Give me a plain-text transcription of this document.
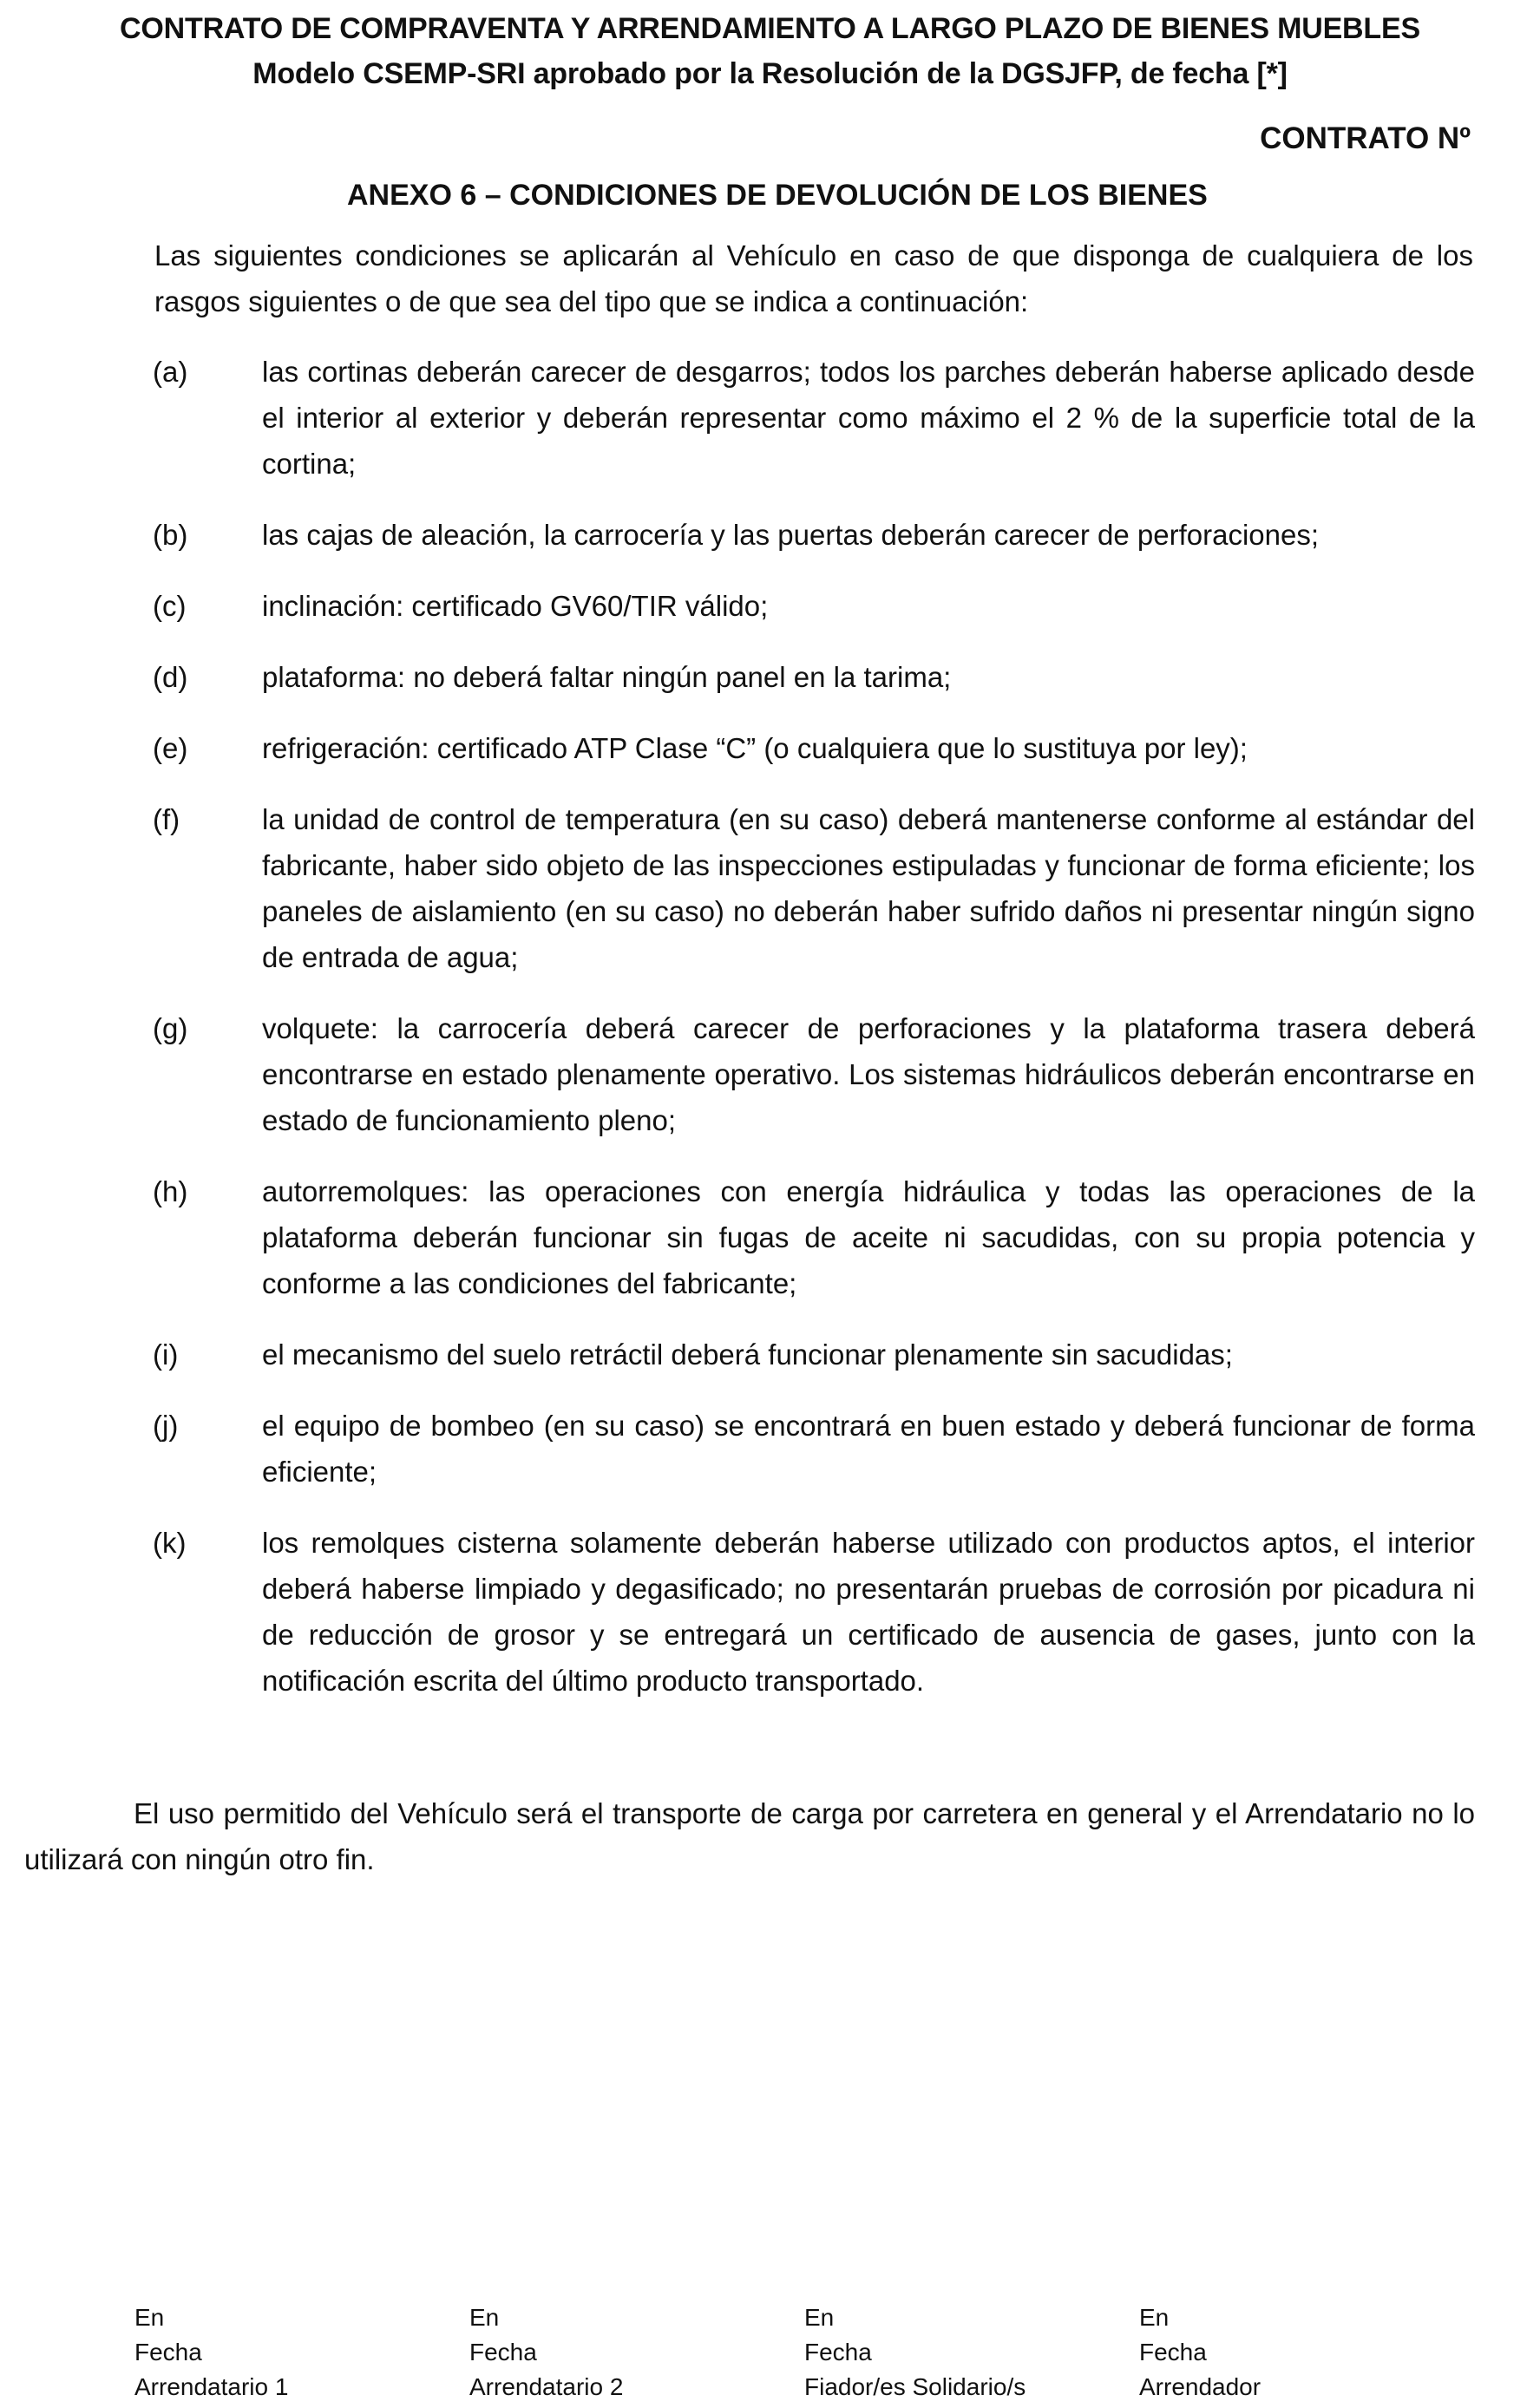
CONTRATO DE COMPRAVENTA Y ARRENDAMIENTO A LARGO PLAZO DE BIENES MUEBLES
Modelo CSEMP-SRI aprobado por la Resolución de la DGSJFP, de fecha [*]
CONTRATO Nº
ANEXO 6 – CONDICIONES DE DEVOLUCIÓN DE LOS BIENES

Las siguientes condiciones se aplicarán al Vehículo en caso de que disponga de cualquiera de los rasgos siguientes o de que sea del tipo que se indica a continuación:

(a)	las cortinas deberán carecer de desgarros; todos los parches deberán haberse aplicado desde el interior al exterior y deberán representar como máximo el 2 % de la superficie total de la cortina;
(b)	las cajas de aleación, la carrocería y las puertas deberán carecer de perforaciones;
(c)	inclinación: certificado GV60/TIR válido;
(d)	plataforma: no deberá faltar ningún panel en la tarima;
(e)	refrigeración: certificado ATP Clase “C” (o cualquiera que lo sustituya por ley);
(f)	la unidad de control de temperatura (en su caso) deberá mantenerse conforme al estándar del fabricante, haber sido objeto de las inspecciones estipuladas y funcionar de forma eficiente; los paneles de aislamiento (en su caso) no deberán haber sufrido daños ni presentar ningún signo de entrada de agua;
(g)	volquete: la carrocería deberá carecer de perforaciones y la plataforma trasera deberá encontrarse en estado plenamente operativo. Los sistemas hidráulicos deberán encontrarse en estado de funcionamiento pleno;
(h)	autorremolques: las operaciones con energía hidráulica y todas las operaciones de la plataforma deberán funcionar sin fugas de aceite ni sacudidas, con su propia potencia y conforme a las condiciones del fabricante;
(i)	el mecanismo del suelo retráctil deberá funcionar plenamente sin sacudidas;
(j)	el equipo de bombeo (en su caso) se encontrará en buen estado y deberá funcionar de forma eficiente;
(k)	los remolques cisterna solamente deberán haberse utilizado con productos aptos, el interior deberá haberse limpiado y degasificado; no presentarán pruebas de corrosión por picadura ni de reducción de grosor y se entregará un certificado de ausencia de gases, junto con la notificación escrita del último producto transportado.

El uso permitido del Vehículo será el transporte de carga por carretera en general y el Arrendatario no lo utilizará con ningún otro fin.

En
Fecha
Arrendatario 1
En
Fecha
Arrendatario 2
En
Fecha
Fiador/es Solidario/s
En
Fecha
Arrendador
